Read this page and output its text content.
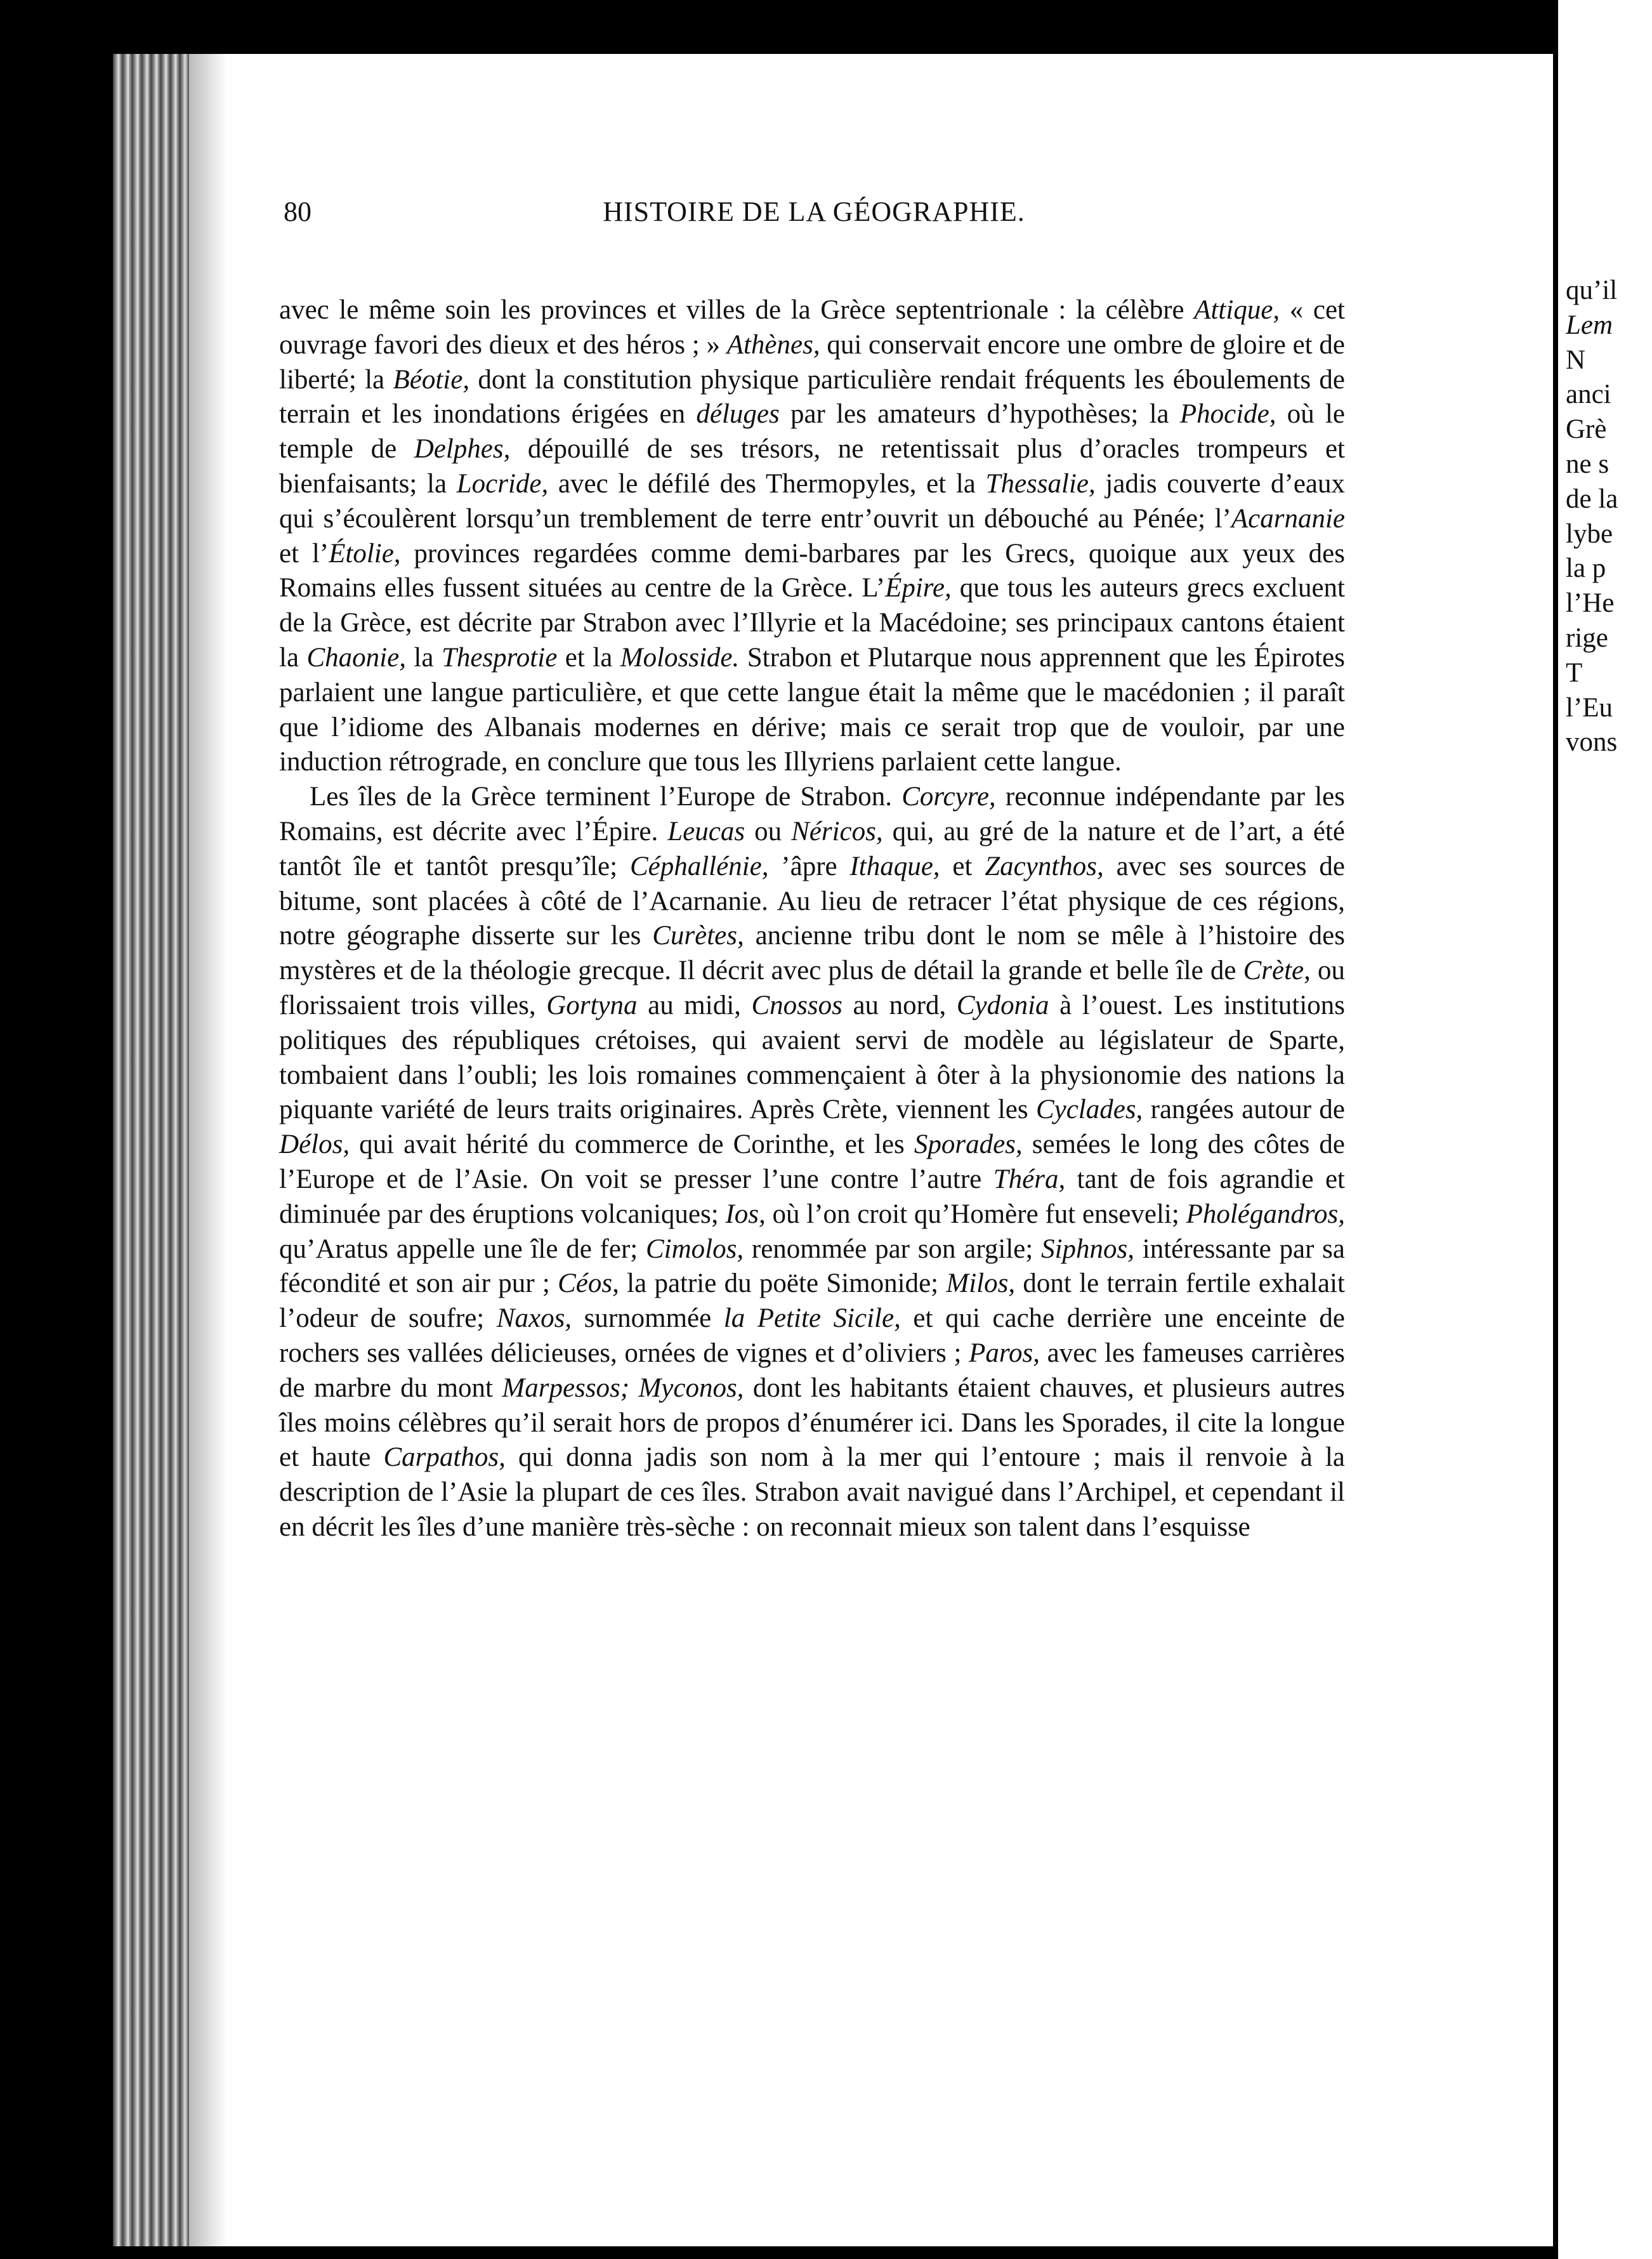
80	HISTOIRE DE LA GÉOGRAPHIE.

avec le même soin les provinces et villes de la Grèce septentrionale : la célèbre Attique, « cet ouvrage favori des dieux et des héros ; » Athènes, qui conservait encore une ombre de gloire et de liberté; la Béotie, dont la constitution physique particulière rendait fréquents les éboulements de terrain et les inondations érigées en déluges par les amateurs d’hypothèses; la Phocide, où le temple de Delphes, dépouillé de ses trésors, ne retentissait plus d’oracles trompeurs et bienfaisants; la Locride, avec le défilé des Thermopyles, et la Thessalie, jadis couverte d’eaux qui s’écoulèrent lorsqu’un tremblement de terre entr’ouvrit un débouché au Pénée; l’Acarnanie et l’Étolie, provinces regardées comme demi-barbares par les Grecs, quoique aux yeux des Romains elles fussent situées au centre de la Grèce. L’Épire, que tous les auteurs grecs excluent de la Grèce, est décrite par Strabon avec l’Illyrie et la Macédoine; ses principaux cantons étaient la Chaonie, la Thesprotie et la Molosside. Strabon et Plutarque nous apprennent que les Épirotes parlaient une langue particulière, et que cette langue était la même que le macédonien ; il paraît que l’idiome des Albanais modernes en dérive; mais ce serait trop que de vouloir, par une induction rétrograde, en conclure que tous les Illyriens parlaient cette langue.

Les îles de la Grèce terminent l’Europe de Strabon. Corcyre, reconnue indépendante par les Romains, est décrite avec l’Épire. Leucas ou Néricos, qui, au gré de la nature et de l’art, a été tantôt île et tantôt presqu’île; Céphallénie, ’âpre Ithaque, et Zacynthos, avec ses sources de bitume, sont placées à côté de l’Acarnanie. Au lieu de retracer l’état physique de ces régions, notre géographe disserte sur les Curètes, ancienne tribu dont le nom se mêle à l’histoire des mystères et de la théologie grecque. Il décrit avec plus de détail la grande et belle île de Crète, ou florissaient trois villes, Gortyna au midi, Cnossos au nord, Cydonia à l’ouest. Les institutions politiques des républiques crétoises, qui avaient servi de modèle au législateur de Sparte, tombaient dans l’oubli; les lois romaines commençaient à ôter à la physionomie des nations la piquante variété de leurs traits originaires. Après Crète, viennent les Cyclades, rangées autour de Délos, qui avait hérité du commerce de Corinthe, et les Sporades, semées le long des côtes de l’Europe et de l’Asie. On voit se presser l’une contre l’autre Théra, tant de fois agrandie et diminuée par des éruptions volcaniques; Ios, où l’on croit qu’Homère fut enseveli; Pholégandros, qu’Aratus appelle une île de fer; Cimolos, renommée par son argile; Siphnos, intéressante par sa fécondité et son air pur ; Céos, la patrie du poëte Simonide; Milos, dont le terrain fertile exhalait l’odeur de soufre; Naxos, surnommée la Petite Sicile, et qui cache derrière une enceinte de rochers ses vallées délicieuses, ornées de vignes et d’oliviers ; Paros, avec les fameuses carrières de marbre du mont Marpessos; Myconos, dont les habitants étaient chauves, et plusieurs autres îles moins célèbres qu’il serait hors de propos d’énumérer ici. Dans les Sporades, il cite la longue et haute Carpathos, qui donna jadis son nom à la mer qui l’entoure ; mais il renvoie à la description de l’Asie la plupart de ces îles. Strabon avait navigué dans l’Archipel, et cependant il en décrit les îles d’une manière très-sèche : on reconnait mieux son talent dans l’esquisse

qu’il
Lem
N
anci
Grè
ne s
de la
lybe
la p
l’He
rige
T
l’Eu
vons
